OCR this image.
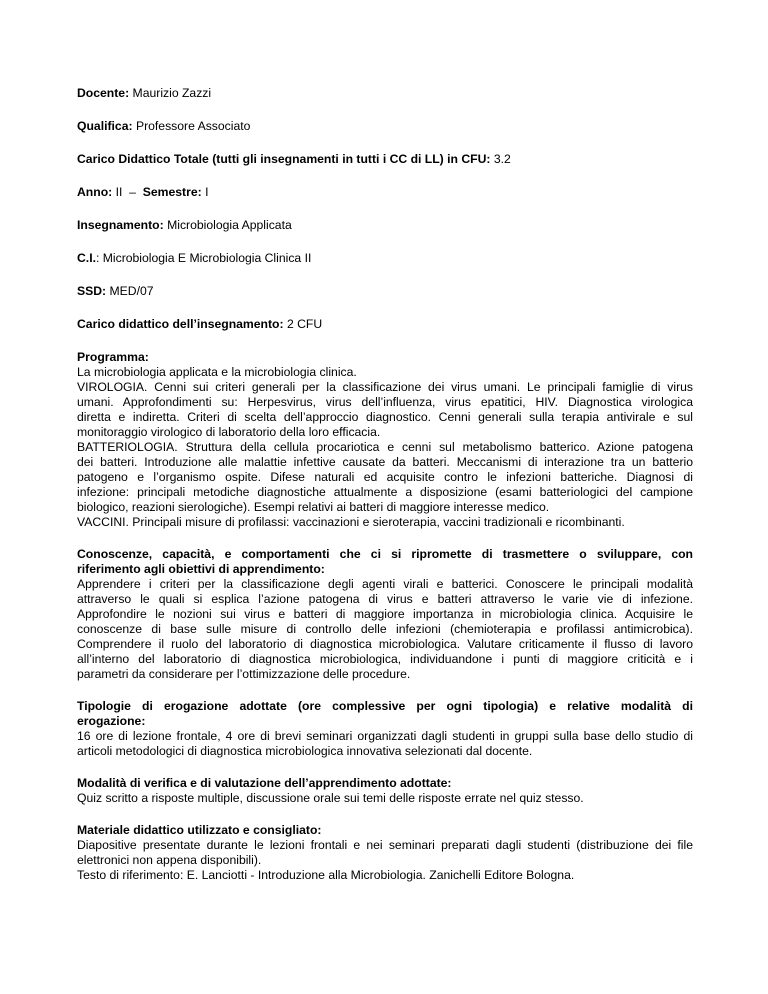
Docente: Maurizio Zazzi
Qualifica: Professore Associato
Carico Didattico Totale (tutti gli insegnamenti in tutti i CC di LL) in CFU: 3.2
Anno: II – Semestre: I
Insegnamento: Microbiologia Applicata
C.I.: Microbiologia E Microbiologia Clinica II
SSD: MED/07
Carico didattico dell’insegnamento: 2 CFU
Programma:
La microbiologia applicata e la microbiologia clinica.
VIROLOGIA. Cenni sui criteri generali per la classificazione dei virus umani. Le principali famiglie di virus
umani. Approfondimenti su: Herpesvirus, virus dell’influenza, virus epatitici, HIV. Diagnostica virologica
diretta e indiretta. Criteri di scelta dell’approccio diagnostico. Cenni generali sulla terapia antivirale e sul
monitoraggio virologico di laboratorio della loro efficacia.
BATTERIOLOGIA. Struttura della cellula procariotica e cenni sul metabolismo batterico. Azione patogena
dei batteri. Introduzione alle malattie infettive causate da batteri. Meccanismi di interazione tra un batterio
patogeno e l’organismo ospite. Difese naturali ed acquisite contro le infezioni batteriche. Diagnosi di
infezione: principali metodiche diagnostiche attualmente a disposizione (esami batteriologici del campione
biologico, reazioni sierologiche). Esempi relativi ai batteri di maggiore interesse medico.
VACCINI. Principali misure di profilassi: vaccinazioni e sieroterapia, vaccini tradizionali e ricombinanti.
Conoscenze, capacità, e comportamenti che ci si ripromette di trasmettere o sviluppare, con
riferimento agli obiettivi di apprendimento:
Apprendere i criteri per la classificazione degli agenti virali e batterici. Conoscere le principali modalità
attraverso le quali si esplica l’azione patogena di virus e batteri attraverso le varie vie di infezione.
Approfondire le nozioni sui virus e batteri di maggiore importanza in microbiologia clinica. Acquisire le
conoscenze di base sulle misure di controllo delle infezioni (chemioterapia e profilassi antimicrobica).
Comprendere il ruolo del laboratorio di diagnostica microbiologica. Valutare criticamente il flusso di lavoro
all’interno del laboratorio di diagnostica microbiologica, individuandone i punti di maggiore criticità e i
parametri da considerare per l’ottimizzazione delle procedure.
Tipologie di erogazione adottate (ore complessive per ogni tipologia) e relative modalità di
erogazione:
16 ore di lezione frontale, 4 ore di brevi seminari organizzati dagli studenti in gruppi sulla base dello studio di
articoli metodologici di diagnostica microbiologica innovativa selezionati dal docente.
Modalità di verifica e di valutazione dell’apprendimento adottate:
Quiz scritto a risposte multiple, discussione orale sui temi delle risposte errate nel quiz stesso.
Materiale didattico utilizzato e consigliato:
Diapositive presentate durante le lezioni frontali e nei seminari preparati dagli studenti (distribuzione dei file
elettronici non appena disponibili).
Testo di riferimento: E. Lanciotti - Introduzione alla Microbiologia. Zanichelli Editore Bologna.
